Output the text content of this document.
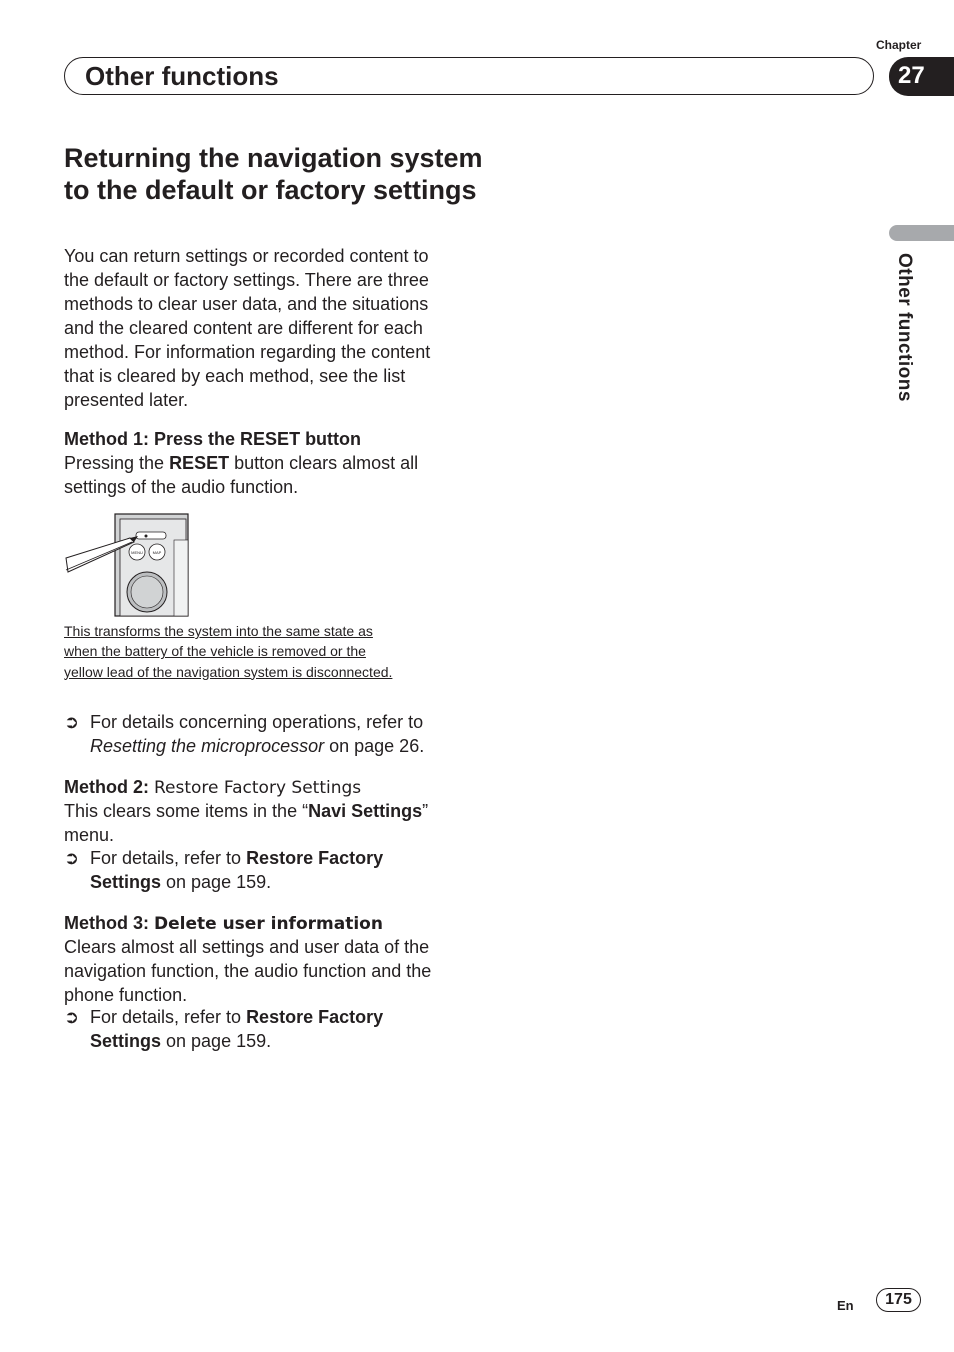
Chapter
Other functions	27
Other functions
Returning the navigation system to the default or factory settings
You can return settings or recorded content to the default or factory settings. There are three methods to clear user data, and the situations and the cleared content are different for each method. For information regarding the content that is cleared by each method, see the list presented later.
Method 1: Press the RESET button
Pressing the RESET button clears almost all settings of the audio function.
MENU MAP
This transforms the system into the same state as when the battery of the vehicle is removed or the yellow lead of the navigation system is disconnected.
➲ For details concerning operations, refer to Resetting the microprocessor on page 26.
Method 2: Restore Factory Settings
This clears some items in the “Navi Settings” menu.
➲ For details, refer to Restore Factory Settings on page 159.
Method 3: Delete user information
Clears almost all settings and user data of the navigation function, the audio function and the phone function.
➲ For details, refer to Restore Factory Settings on page 159.
En	175
